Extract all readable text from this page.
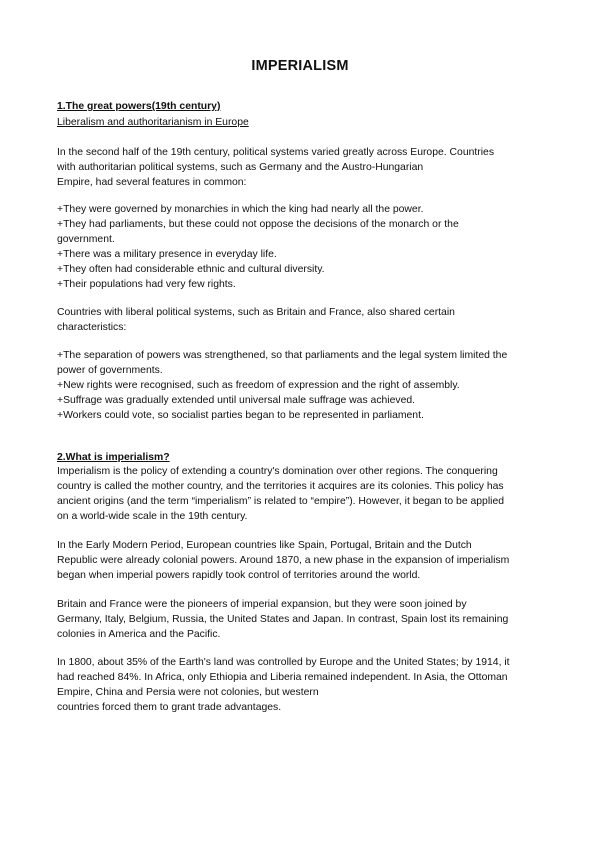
IMPERIALISM
1.The great powers(19th century)
Liberalism and authoritarianism in Europe

In the second half of the 19th century, political systems varied greatly across Europe. Countries

with authoritarian political systems, such as Germany and the Austro-Hungarian

Empire, had several features in common:

+They were governed by monarchies in which the king had nearly all the power.

+They had parliaments, but these could not oppose the decisions of the monarch or the

government.

+There was a military presence in everyday life.

+They often had considerable ethnic and cultural diversity.

+Their populations had very few rights.

Countries with liberal political systems, such as Britain and France, also shared certain

characteristics:

+The separation of powers was strengthened, so that parliaments and the legal system limited the

power of governments.

+New rights were recognised, such as freedom of expression and the right of assembly.

+Suffrage was gradually extended until universal male suffrage was achieved.

+Workers could vote, so socialist parties began to be represented in parliament.

2.What is imperialism?

Imperialism is the policy of extending a country's domination over other regions. The conquering

country is called the mother country, and the territories it acquires are its colonies. This policy has

ancient origins (and the term “imperialism” is related to “empire”). However, it began to be applied

on a world-wide scale in the 19th century.

In the Early Modern Period, European countries like Spain, Portugal, Britain and the Dutch

Republic were already colonial powers. Around 1870, a new phase in the expansion of imperialism

began when imperial powers rapidly took control of territories around the world.

Britain and France were the pioneers of imperial expansion, but they were soon joined by

Germany, Italy, Belgium, Russia, the United States and Japan. In contrast, Spain lost its remaining

colonies in America and the Pacific.

In 1800, about 35% of the Earth's land was controlled by Europe and the United States; by 1914, it

had reached 84%. In Africa, only Ethiopia and Liberia remained independent. In Asia, the Ottoman

Empire, China and Persia were not colonies, but western

countries forced them to grant trade advantages.
